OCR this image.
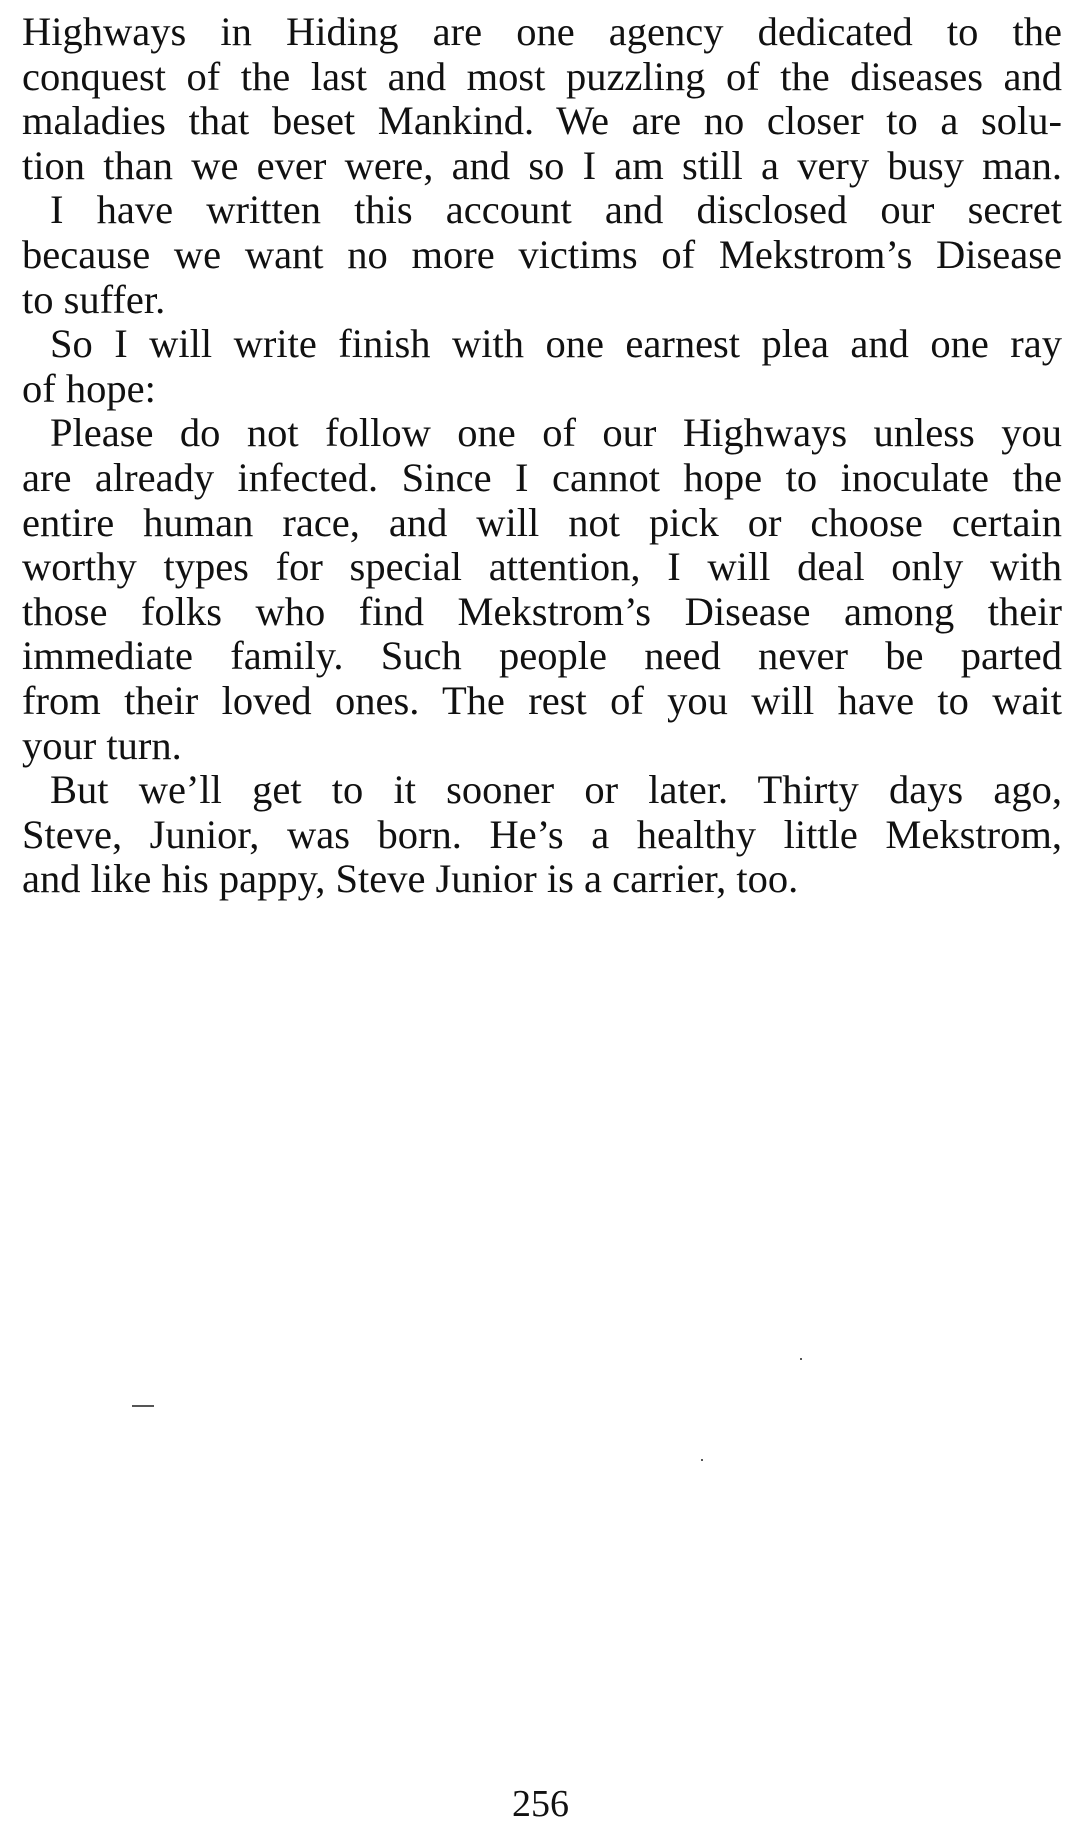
Highways in Hiding are one agency dedicated to the
conquest of the last and most puzzling of the diseases and
maladies that beset Mankind. We are no closer to a solu-
tion than we ever were, and so I am still a very busy man.

I have written this account and disclosed our secret
because we want no more victims of Mekstrom’s Disease
to suffer.

So I will write finish with one earnest plea and one ray
of hope:

Please do not follow one of our Highways unless you
are already infected. Since I cannot hope to inoculate the
entire human race, and will not pick or choose certain
worthy types for special attention, I will deal only with
those folks who find Mekstrom’s Disease among their
immediate family. Such people need never be parted
from their loved ones. The rest of you will have to wait
your turn.

But we’ll get to it sooner or later. Thirty days ago,
Steve, Junior, was born. He’s a healthy little Mekstrom,
and like his pappy, Steve Junior is a carrier, too.

256
